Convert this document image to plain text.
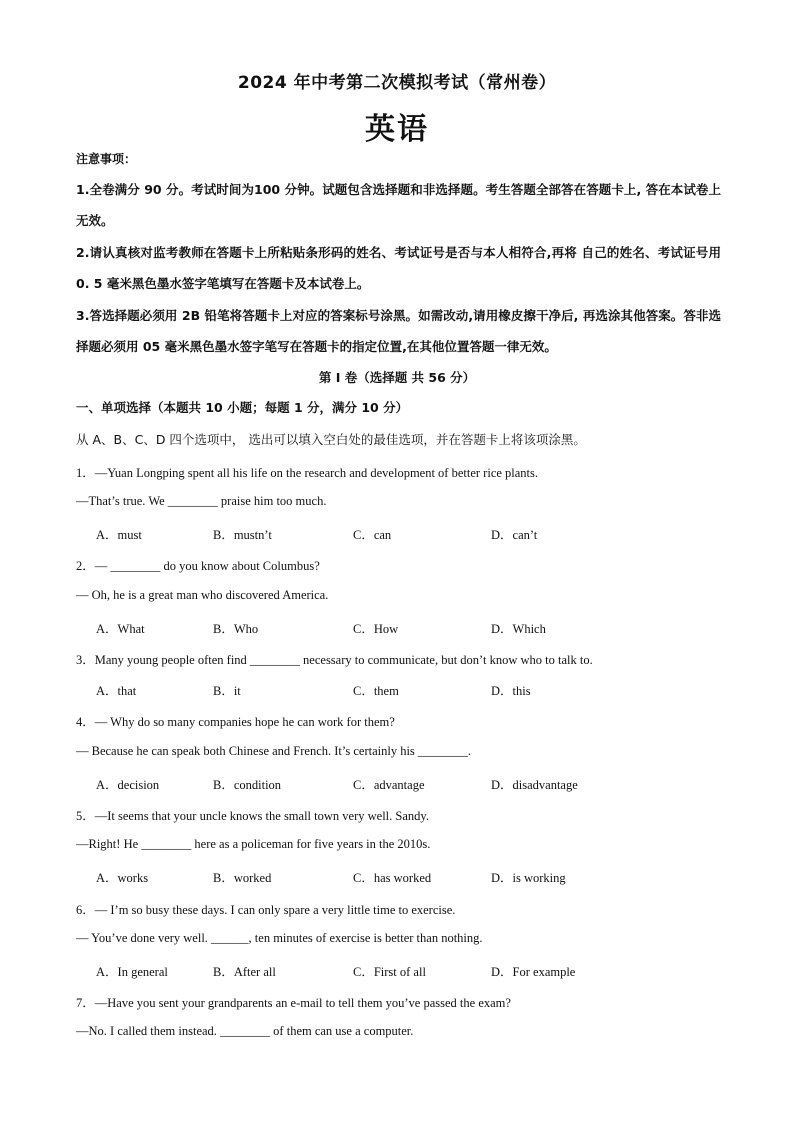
2024 年中考第二次模拟考试（常州卷）
英语
注意事项：
1.全卷满分 90 分。考试时间为100 分钟。试题包含选择题和非选择题。考生答题全部答在答题卡上, 答在本试卷上无效。
2.请认真核对监考教师在答题卡上所粘贴条形码的姓名、考试证号是否与本人相符合,再将 自己的姓名、考试证号用 0. 5 毫米黑色墨水签字笔填写在答题卡及本试卷上。
3.答选择题必须用 2B 铅笔将答题卡上对应的答案标号涂黑。如需改动,请用橡皮擦干净后, 再选涂其他答案。答非选择题必须用 05 毫米黑色墨水签字笔写在答题卡的指定位置,在其他位置答题一律无效。
第 I 卷（选择题 共 56 分）
一、单项选择（本题共 10 小题；每题 1 分，满分 10 分）
从 A、B、C、D 四个选项中， 选出可以填入空白处的最佳选项，并在答题卡上将该项涂黑。
1．—Yuan Longping spent all his life on the research and development of better rice plants.
—That’s true. We ________ praise him too much.
A．must	B．mustn’t	C．can	D．can’t
2．— ________ do you know about Columbus?
— Oh, he is a great man who discovered America.
A．What	B．Who	C．How	D．Which
3．Many young people often find ________ necessary to communicate, but don’t know who to talk to.
A．that	B．it	C．them	D．this
4．— Why do so many companies hope he can work for them?
— Because he can speak both Chinese and French. It’s certainly his ________.
A．decision	B．condition	C．advantage	D．disadvantage
5．—It seems that your uncle knows the small town very well. Sandy.
—Right! He ________ here as a policeman for five years in the 2010s.
A．works	B．worked	C．has worked	D．is working
6．— I’m so busy these days. I can only spare a very little time to exercise.
— You’ve done very well. ______, ten minutes of exercise is better than nothing.
A．In general	B．After all	C．First of all	D．For example
7．—Have you sent your grandparents an e-mail to tell them you’ve passed the exam?
—No. I called them instead. ________ of them can use a computer.
